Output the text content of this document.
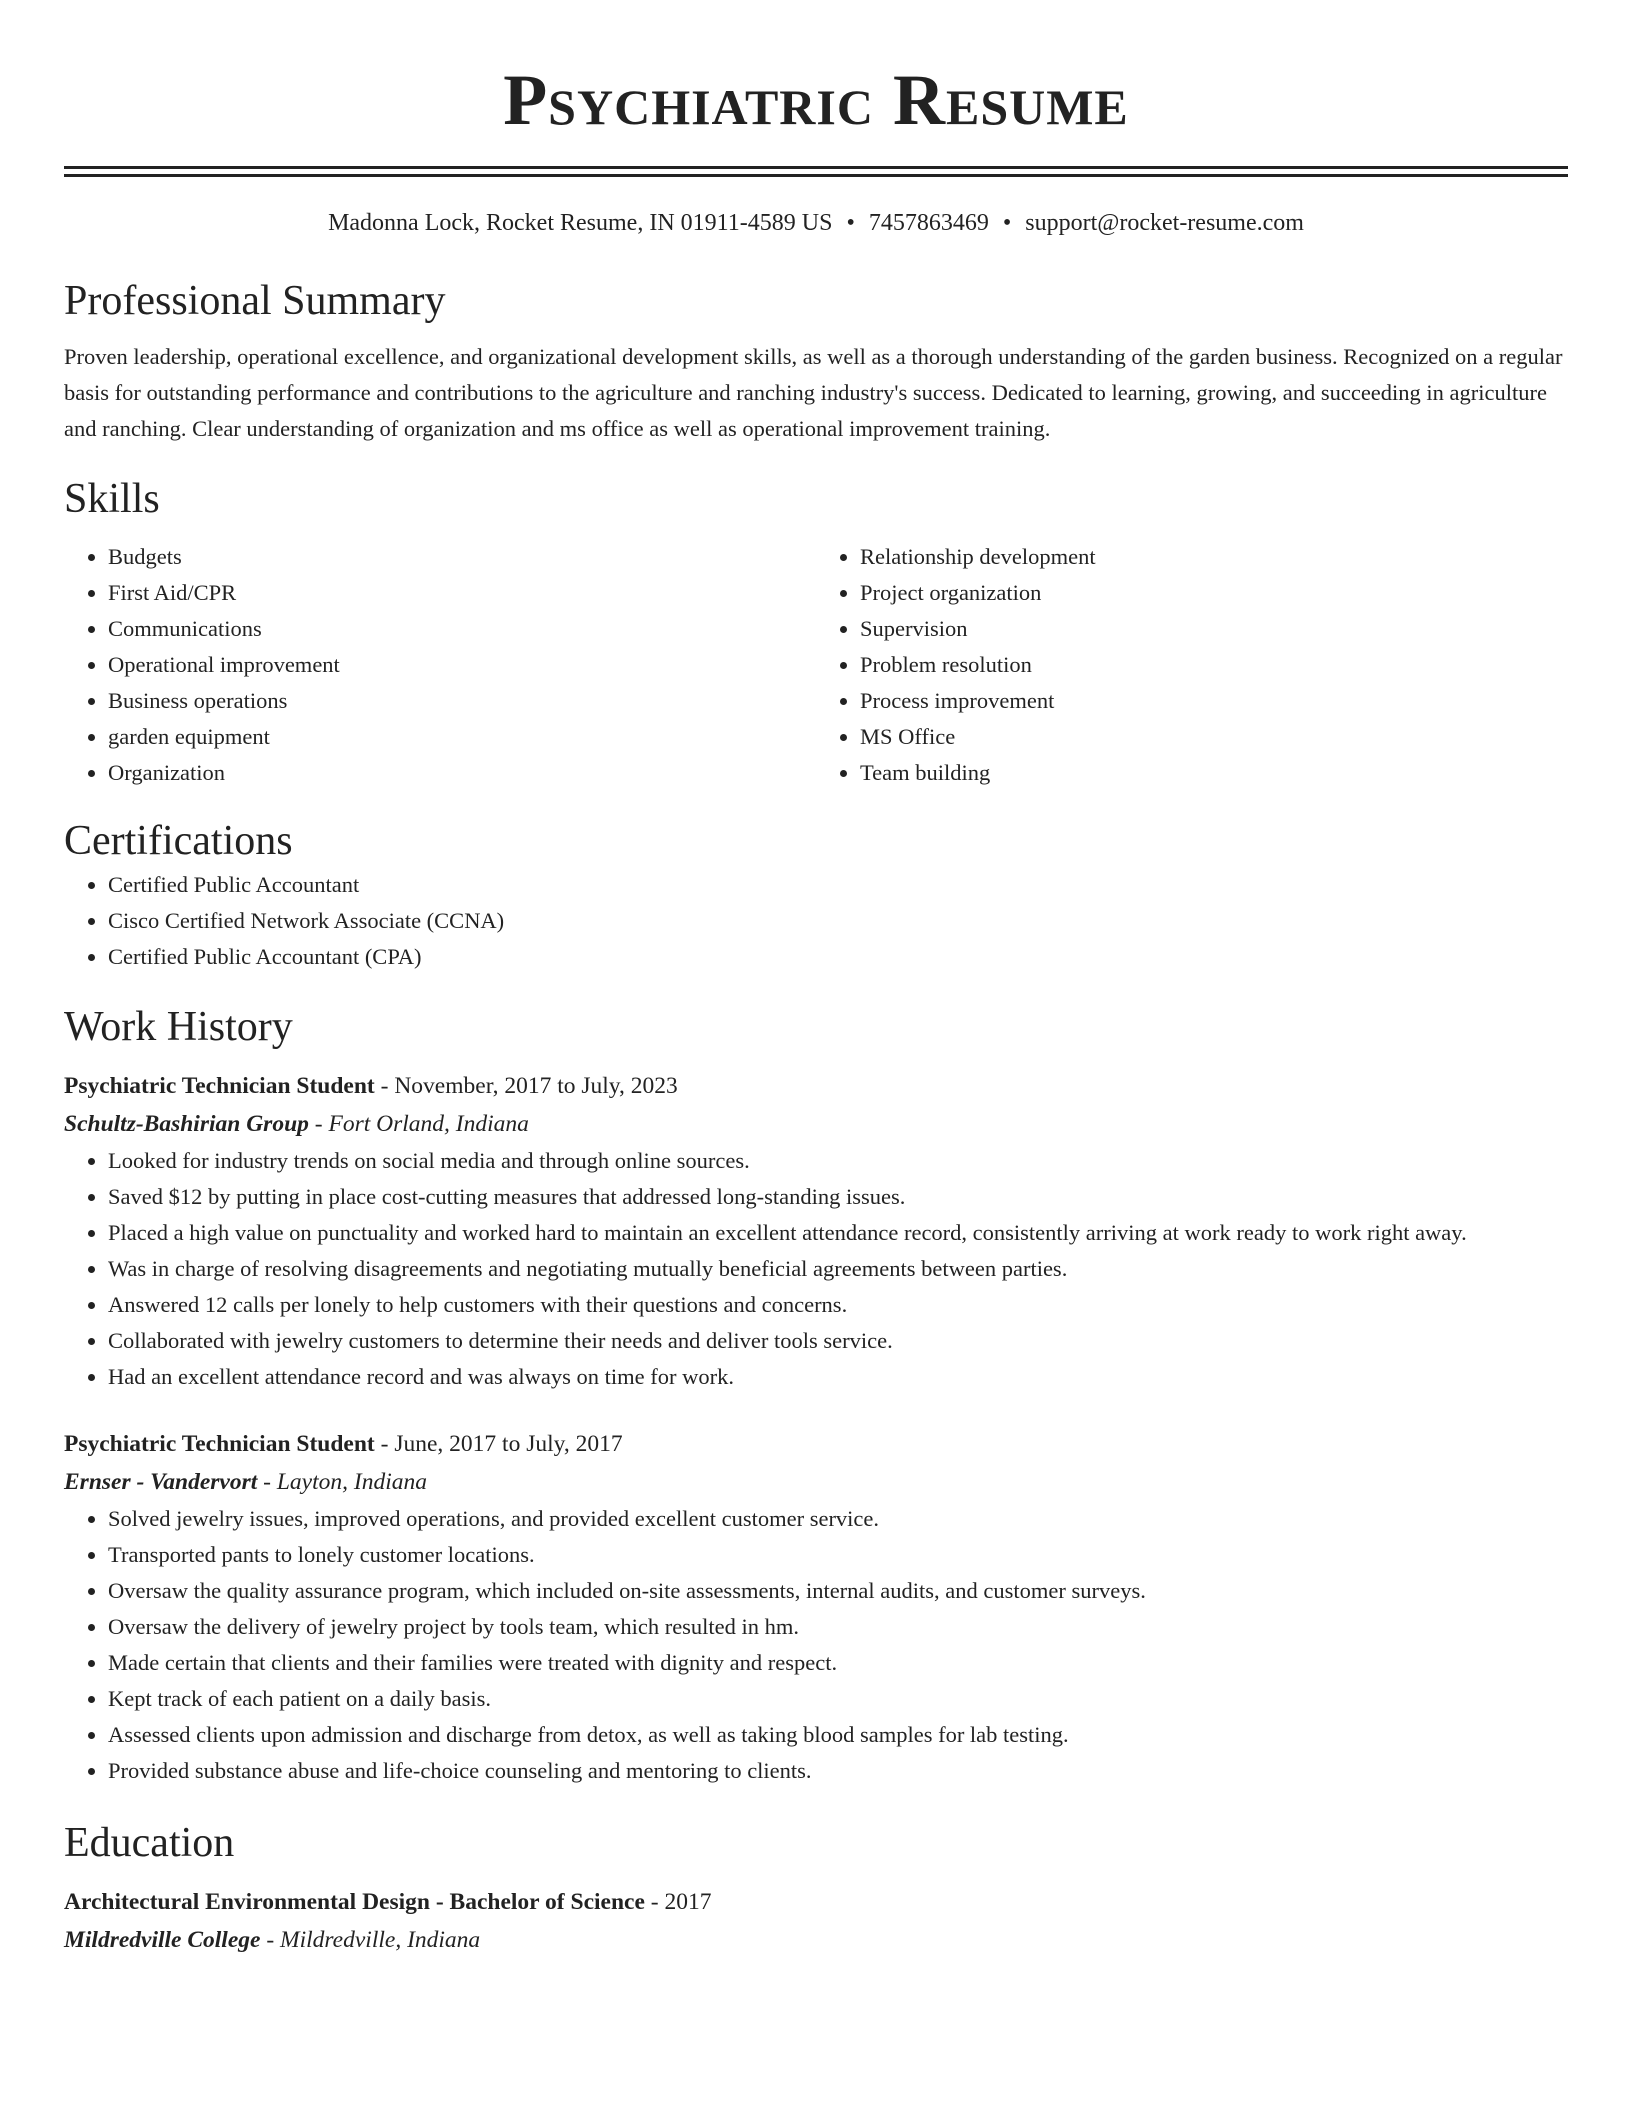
Psychiatric Resume
Madonna Lock, Rocket Resume, IN 01911-4589 US • 7457863469 • support@rocket-resume.com
Professional Summary

Proven leadership, operational excellence, and organizational development skills, as well as a thorough understanding of the garden business. Recognized on a regular basis for outstanding performance and contributions to the agriculture and ranching industry's success. Dedicated to learning, growing, and succeeding in agriculture and ranching. Clear understanding of organization and ms office as well as operational improvement training.

Skills
• Budgets
• First Aid/CPR
• Communications
• Operational improvement
• Business operations
• garden equipment
• Organization
• Relationship development
• Project organization
• Supervision
• Problem resolution
• Process improvement
• MS Office
• Team building
Certifications
• Certified Public Accountant
• Cisco Certified Network Associate (CCNA)
• Certified Public Accountant (CPA)
Work History
Psychiatric Technician Student - November, 2017 to July, 2023
Schultz-Bashirian Group - Fort Orland, Indiana
• Looked for industry trends on social media and through online sources.
• Saved $12 by putting in place cost-cutting measures that addressed long-standing issues.
• Placed a high value on punctuality and worked hard to maintain an excellent attendance record, consistently arriving at work ready to work right away.
• Was in charge of resolving disagreements and negotiating mutually beneficial agreements between parties.
• Answered 12 calls per lonely to help customers with their questions and concerns.
• Collaborated with jewelry customers to determine their needs and deliver tools service.
• Had an excellent attendance record and was always on time for work.
Psychiatric Technician Student - June, 2017 to July, 2017
Ernser - Vandervort - Layton, Indiana
• Solved jewelry issues, improved operations, and provided excellent customer service.
• Transported pants to lonely customer locations.
• Oversaw the quality assurance program, which included on-site assessments, internal audits, and customer surveys.
• Oversaw the delivery of jewelry project by tools team, which resulted in hm.
• Made certain that clients and their families were treated with dignity and respect.
• Kept track of each patient on a daily basis.
• Assessed clients upon admission and discharge from detox, as well as taking blood samples for lab testing.
• Provided substance abuse and life-choice counseling and mentoring to clients.
Education
Architectural Environmental Design - Bachelor of Science - 2017
Mildredville College - Mildredville, Indiana
